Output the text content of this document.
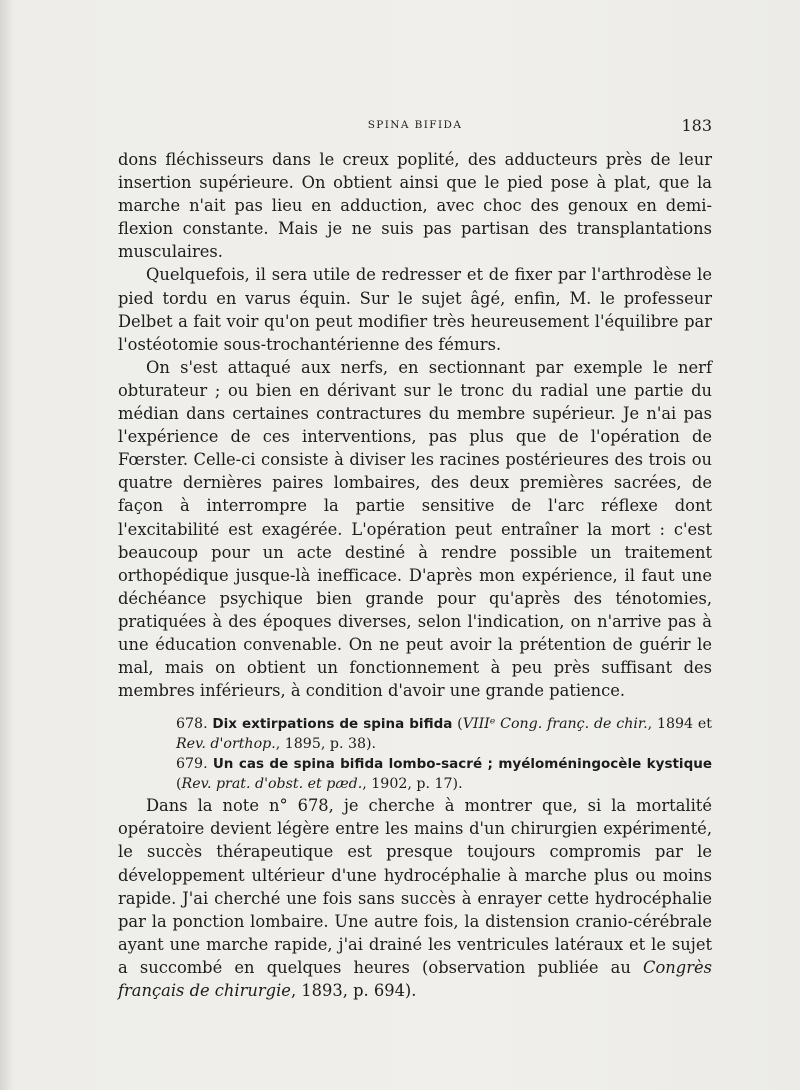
SPINA BIFIDA	183

dons fléchisseurs dans le creux poplité, des adducteurs près de leur insertion supérieure. On obtient ainsi que le pied pose à plat, que la marche n'ait pas lieu en adduction, avec choc des genoux en demi-flexion constante. Mais je ne suis pas partisan des transplantations musculaires.

Quelquefois, il sera utile de redresser et de fixer par l'arthrodèse le pied tordu en varus équin. Sur le sujet âgé, enfin, M. le professeur Delbet a fait voir qu'on peut modifier très heureusement l'équilibre par l'ostéotomie sous-trochantérienne des fémurs.

On s'est attaqué aux nerfs, en sectionnant par exemple le nerf obturateur ; ou bien en dérivant sur le tronc du radial une partie du médian dans certaines contractures du membre supérieur. Je n'ai pas l'expérience de ces interventions, pas plus que de l'opération de Fœrster. Celle-ci consiste à diviser les racines postérieures des trois ou quatre dernières paires lombaires, des deux premières sacrées, de façon à interrompre la partie sensitive de l'arc réflexe dont l'excitabilité est exagérée. L'opération peut entraîner la mort : c'est beaucoup pour un acte destiné à rendre possible un traitement orthopédique jusque-là inefficace. D'après mon expérience, il faut une déchéance psychique bien grande pour qu'après des ténotomies, pratiquées à des époques diverses, selon l'indication, on n'arrive pas à une éducation convenable. On ne peut avoir la prétention de guérir le mal, mais on obtient un fonctionnement à peu près suffisant des membres inférieurs, à condition d'avoir une grande patience.

678. Dix extirpations de spina bifida (VIIIᵉ Cong. franç. de chir., 1894 et Rev. d'orthop., 1895, p. 38).

679. Un cas de spina bifida lombo-sacré ; myéloméningocèle kystique (Rev. prat. d'obst. et pæd., 1902, p. 17).

Dans la note n° 678, je cherche à montrer que, si la mortalité opératoire devient légère entre les mains d'un chirurgien expérimenté, le succès thérapeutique est presque toujours compromis par le développement ultérieur d'une hydrocéphalie à marche plus ou moins rapide. J'ai cherché une fois sans succès à enrayer cette hydrocéphalie par la ponction lombaire. Une autre fois, la distension cranio-cérébrale ayant une marche rapide, j'ai drainé les ventricules latéraux et le sujet a succombé en quelques heures (observation publiée au Congrès français de chirurgie, 1893, p. 694).
